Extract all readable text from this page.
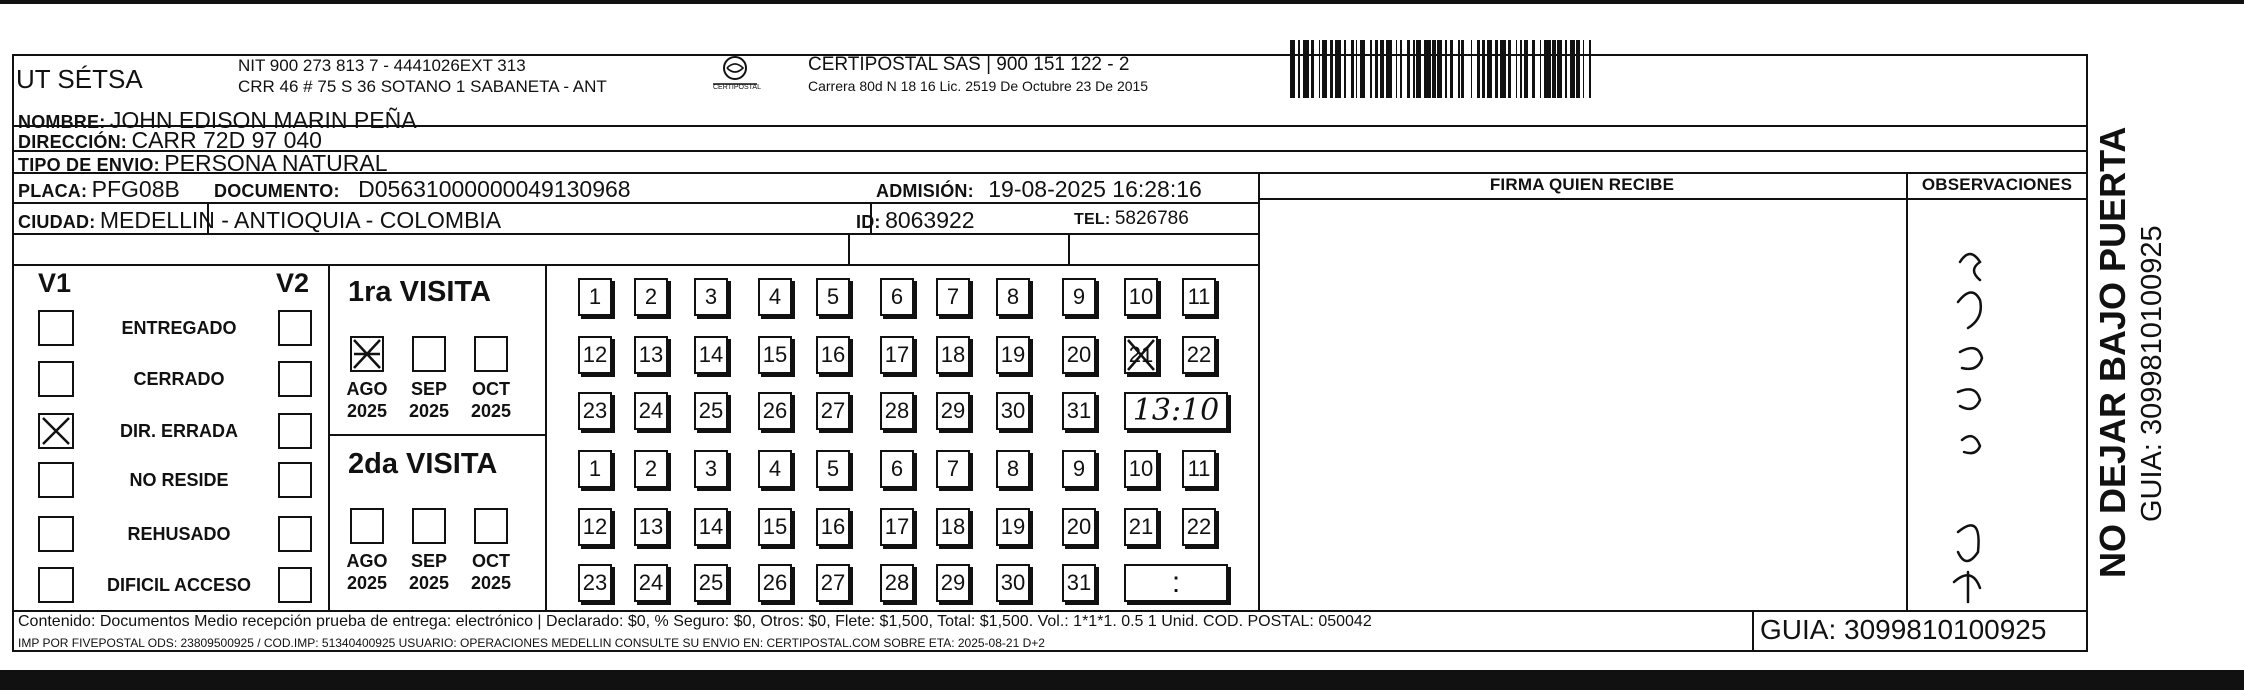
UT SÉTSA	NIT 900 273 813 7 - 4441026EXT 313
CRR 46 # 75 S 36 SOTANO 1 SABANETA - ANT	CERTIPOSTAL
CERTIPOSTAL SAS | 900 151 122 - 2
Carrera 80d N 18 16 Lic. 2519 De Octubre 23 De 2015
NOMBRE: JOHN EDISON MARIN PEÑA
DIRECCIÓN: CARR 72D 97 040
TIPO DE ENVIO: PERSONA NATURAL
PLACA: PFG08B DOCUMENTO: D05631000000049130968	ADMISIÓN: 19-08-2025 16:28:16
CIUDAD: MEDELLIN - ANTIOQUIA - COLOMBIA	ID: 8063922	TEL: 5826786
FIRMA QUIEN RECIBE	OBSERVACIONES
V1	V2
ENTREGADO
CERRADO
DIR. ERRADA
NO RESIDE
REHUSADO
DIFICIL ACCESO
1ra VISITA
AGO
2025
SEP
2025
OCT
2025
1	2	3	4	5	6	7	8	9	10 11
12 13 14 15 16 17 18 19 20 21 22
23 24 25 26 27 28 29 30 31 13:10
2da VISITA
AGO
2025
SEP
2025
OCT
2025
1	2	3	4	5	6	7	8	9	10 11
12 13 14 15 16 17 18 19 20 21 22
23 24 25 26 27 28 29 30 31	:
Contenido: Documentos Medio recepción prueba de entrega: electrónico | Declarado: $0, % Seguro: $0, Otros: $0, Flete: $1,500, Total: $1,500. Vol.: 1*1*1. 0.5 1 Unid. COD. POSTAL: 050042
IMP POR FIVEPOSTAL ODS: 23809500925 / COD.IMP: 51340400925 USUARIO: OPERACIONES MEDELLIN CONSULTE SU ENVIO EN: CERTIPOSTAL.COM SOBRE ETA: 2025-08-21 D+2	GUIA: 3099810100925
NO DEJAR BAJO PUERTA GUIA: 3099810100925
